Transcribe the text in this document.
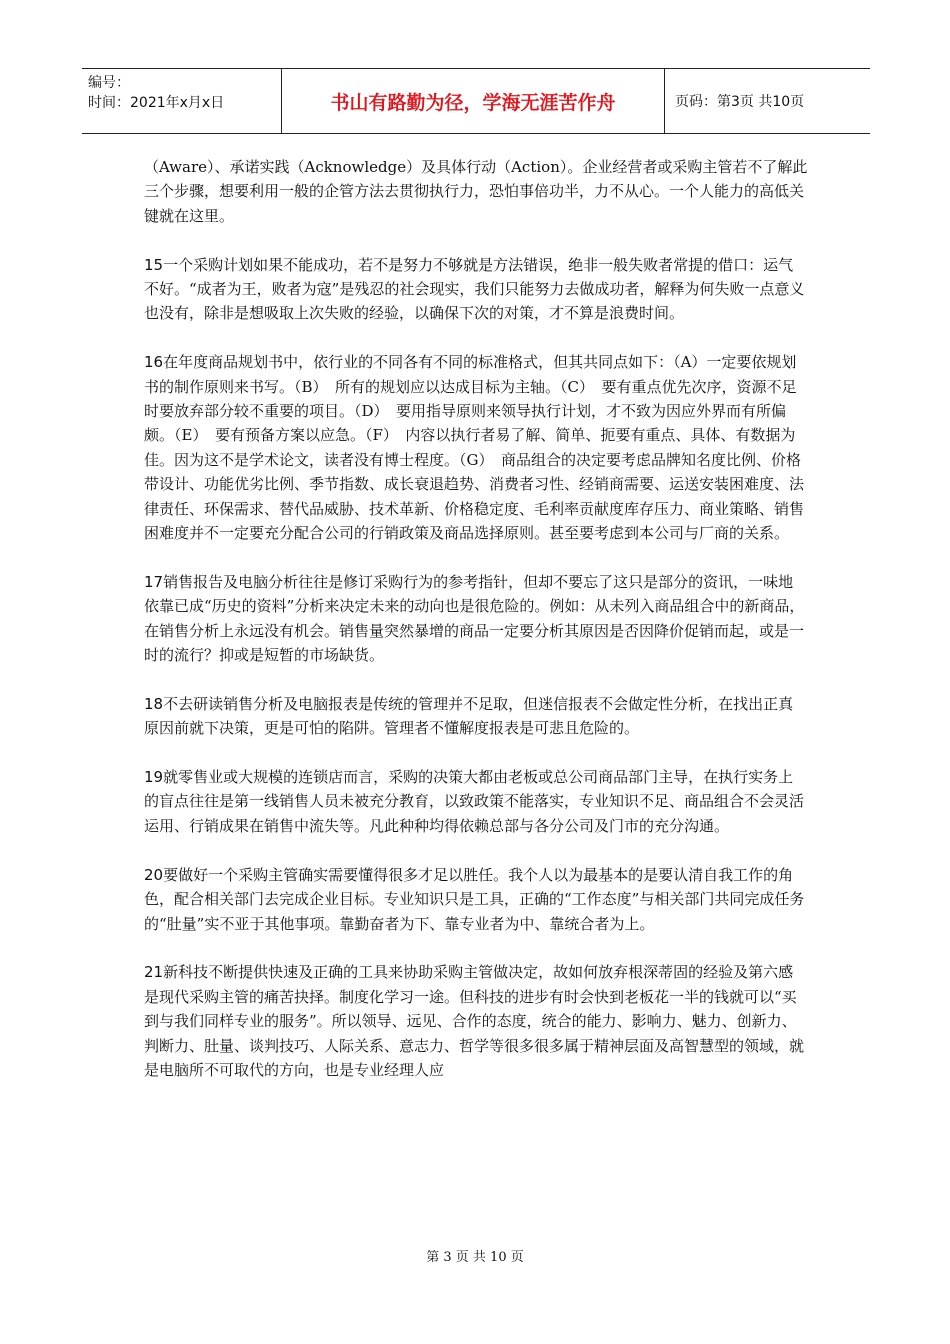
编号：
时间：2021年x月x日	书山有路勤为径，学海无涯苦作舟	页码：第3页 共10页

（Aware）、承诺实践（Acknowledge）及具体行动（Action）。企业经营者或采购主管若不了解此三个步骤，想要利用一般的企管方法去贯彻执行力，恐怕事倍功半，力不从心。一个人能力的高低关键就在这里。

15一个采购计划如果不能成功，若不是努力不够就是方法错误，绝非一般失败者常提的借口：运气不好。“成者为王，败者为寇”是残忍的社会现实，我们只能努力去做成功者，解释为何失败一点意义也没有，除非是想吸取上次失败的经验，以确保下次的对策，才不算是浪费时间。

16在年度商品规划书中，依行业的不同各有不同的标准格式，但其共同点如下：（A）一定要依规划书的制作原则来书写。（B）　所有的规划应以达成目标为主轴。（C）　要有重点优先次序，资源不足时要放弃部分较不重要的项目。（D）　要用指导原则来领导执行计划，才不致为因应外界而有所偏颇。（E）　要有预备方案以应急。（F）　内容以执行者易了解、简单、扼要有重点、具体、有数据为佳。因为这不是学术论文，读者没有博士程度。（G）　商品组合的决定要考虑品牌知名度比例、价格带设计、功能优劣比例、季节指数、成长衰退趋势、消费者习性、经销商需要、运送安装困难度、法律责任、环保需求、替代品威胁、技术革新、价格稳定度、毛利率贡献度库存压力、商业策略、销售困难度并不一定要充分配合公司的行销政策及商品选择原则。甚至要考虑到本公司与厂商的关系。

17销售报告及电脑分析往往是修订采购行为的参考指针，但却不要忘了这只是部分的资讯，一味地依靠已成“历史的资料”分析来决定未来的动向也是很危险的。例如：从未列入商品组合中的新商品，在销售分析上永远没有机会。销售量突然暴增的商品一定要分析其原因是否因降价促销而起，或是一时的流行？抑或是短暂的市场缺货。

18不去研读销售分析及电脑报表是传统的管理并不足取，但迷信报表不会做定性分析，在找出正真原因前就下决策，更是可怕的陷阱。管理者不懂解度报表是可悲且危险的。

19就零售业或大规模的连锁店而言，采购的决策大都由老板或总公司商品部门主导，在执行实务上的盲点往往是第一线销售人员未被充分教育，以致政策不能落实，专业知识不足、商品组合不会灵活运用、行销成果在销售中流失等。凡此种种均得依赖总部与各分公司及门市的充分沟通。

20要做好一个采购主管确实需要懂得很多才足以胜任。我个人以为最基本的是要认清自我工作的角色，配合相关部门去完成企业目标。专业知识只是工具，正确的“工作态度”与相关部门共同完成任务的“肚量”实不亚于其他事项。靠勤奋者为下、靠专业者为中、靠统合者为上。

21新科技不断提供快速及正确的工具来协助采购主管做决定，故如何放弃根深蒂固的经验及第六感是现代采购主管的痛苦抉择。制度化学习一途。但科技的进步有时会快到老板花一半的钱就可以“买到与我们同样专业的服务”。所以领导、远见、合作的态度，统合的能力、影响力、魅力、创新力、判断力、肚量、谈判技巧、人际关系、意志力、哲学等很多很多属于精神层面及高智慧型的领域，就是电脑所不可取代的方向，也是专业经理人应

第 3 页 共 10 页
